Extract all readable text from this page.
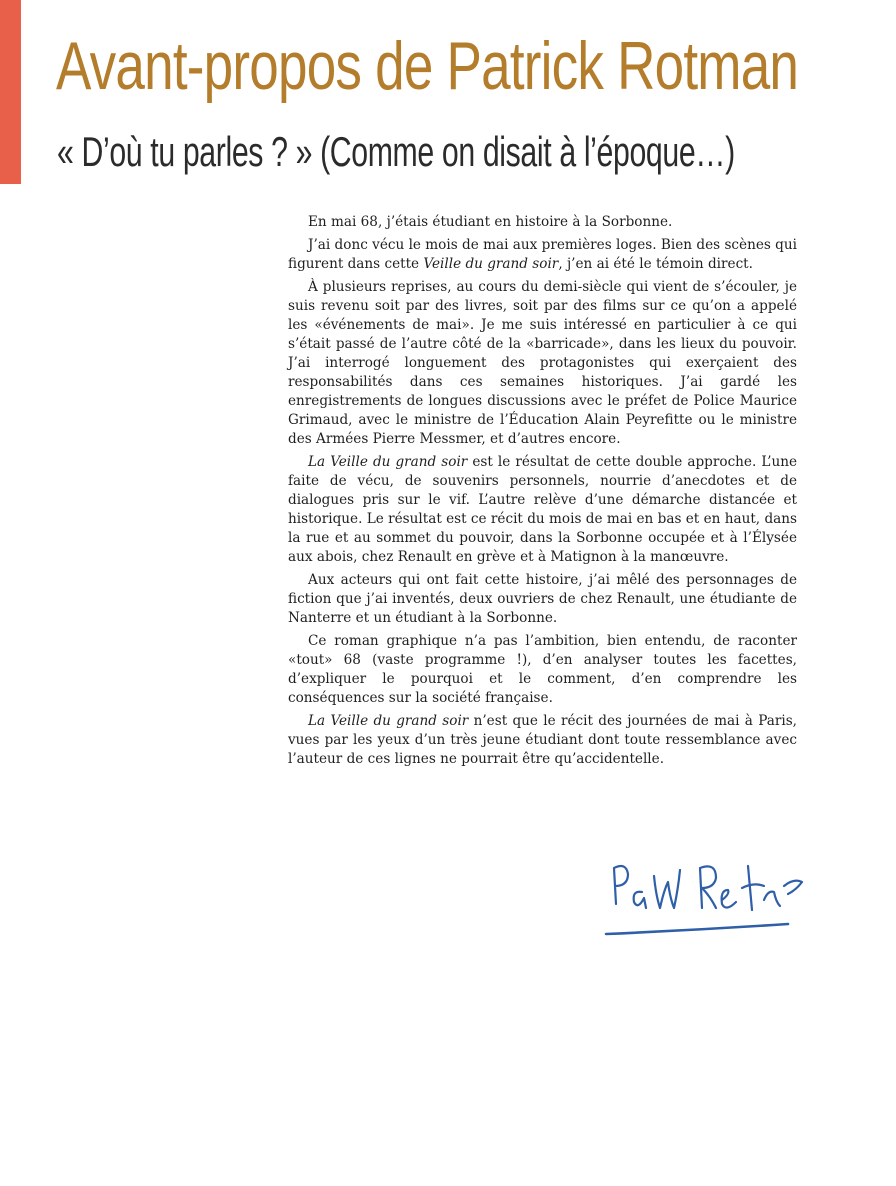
Avant-propos de Patrick Rotman
« D’où tu parles ? » (Comme on disait à l’époque…)

En mai 68, j’étais étudiant en histoire à la Sorbonne.

J’ai donc vécu le mois de mai aux premières loges. Bien des scènes qui figurent dans cette Veille du grand soir, j’en ai été le témoin direct.

À plusieurs reprises, au cours du demi-siècle qui vient de s’écouler, je suis revenu soit par des livres, soit par des films sur ce qu’on a appelé les «événements de mai». Je me suis intéressé en particulier à ce qui s’était passé de l’autre côté de la «barricade», dans les lieux du pouvoir. J’ai interrogé longuement des protagonistes qui exerçaient des responsabilités dans ces semaines historiques. J’ai gardé les enregistrements de longues discussions avec le préfet de Police Maurice Grimaud, avec le ministre de l’Éducation Alain Peyrefitte ou le ministre des Armées Pierre Messmer, et d’autres encore.

La Veille du grand soir est le résultat de cette double approche. L’une faite de vécu, de souvenirs personnels, nourrie d’anecdotes et de dialogues pris sur le vif. L’autre relève d’une démarche distancée et historique. Le résultat est ce récit du mois de mai en bas et en haut, dans la rue et au sommet du pouvoir, dans la Sorbonne occupée et à l’Élysée aux abois, chez Renault en grève et à Matignon à la manœuvre.

Aux acteurs qui ont fait cette histoire, j’ai mêlé des personnages de fiction que j’ai inventés, deux ouvriers de chez Renault, une étudiante de Nanterre et un étudiant à la Sorbonne.

Ce roman graphique n’a pas l’ambition, bien entendu, de raconter «tout» 68 (vaste programme !), d’en analyser toutes les facettes, d’expliquer le pourquoi et le comment, d’en comprendre les conséquences sur la société française.

La Veille du grand soir n’est que le récit des journées de mai à Paris, vues par les yeux d’un très jeune étudiant dont toute ressemblance avec l’auteur de ces lignes ne pourrait être qu’accidentelle.
